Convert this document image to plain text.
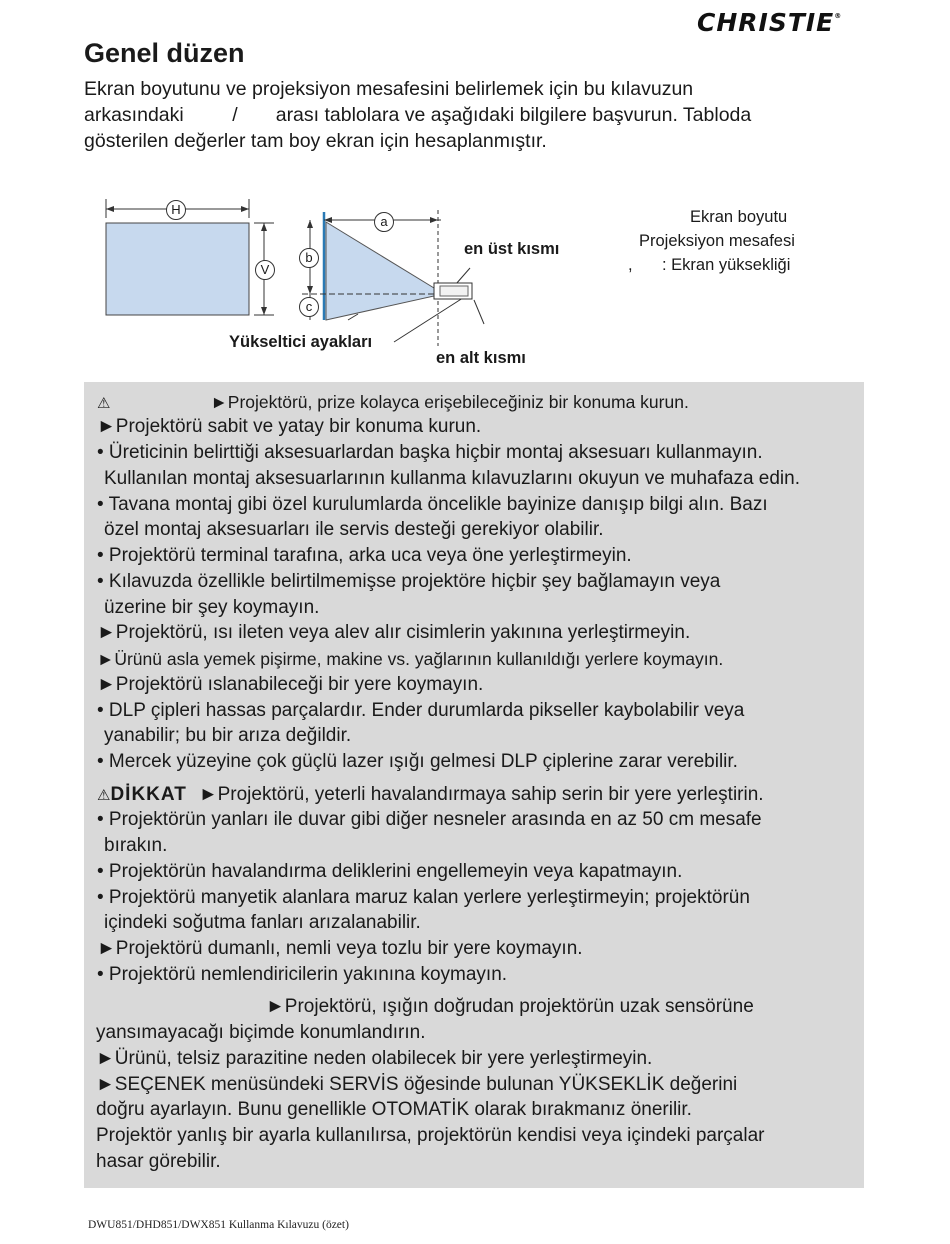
CHRISTIE®
Genel düzen
Ekran boyutunu ve projeksiyon mesafesini belirlemek için bu kılavuzun
arkasındaki / arası tablolara ve aşağıdaki bilgilere başvurun. Tabloda
gösterilen değerler tam boy ekran için hesaplanmıştır.
H
V
a
b
c
en üst kısmı
Yükseltici ayakları
en alt kısmı
Ekran boyutu
Projeksiyon mesafesi
, : Ekran yüksekliği
⚠	►Projektörü, prize kolayca erişebileceğiniz bir konuma kurun.
►Projektörü sabit ve yatay bir konuma kurun.
• Üreticinin belirttiği aksesuarlardan başka hiçbir montaj aksesuarı kullanmayın.
Kullanılan montaj aksesuarlarının kullanma kılavuzlarını okuyun ve muhafaza edin.
• Tavana montaj gibi özel kurulumlarda öncelikle bayinize danışıp bilgi alın. Bazı
özel montaj aksesuarları ile servis desteği gerekiyor olabilir.
• Projektörü terminal tarafına, arka uca veya öne yerleştirmeyin.
• Kılavuzda özellikle belirtilmemişse projektöre hiçbir şey bağlamayın veya
üzerine bir şey koymayın.
►Projektörü, ısı ileten veya alev alır cisimlerin yakınına yerleştirmeyin.
►Ürünü asla yemek pişirme, makine vs. yağlarının kullanıldığı yerlere koymayın.
►Projektörü ıslanabileceği bir yere koymayın.
• DLP çipleri hassas parçalardır. Ender durumlarda pikseller kaybolabilir veya
yanabilir; bu bir arıza değildir.
• Mercek yüzeyine çok güçlü lazer ışığı gelmesi DLP çiplerine zarar verebilir.
⚠DİKKAT ►Projektörü, yeterli havalandırmaya sahip serin bir yere yerleştirin.
• Projektörün yanları ile duvar gibi diğer nesneler arasında en az 50 cm mesafe
bırakın.
• Projektörün havalandırma deliklerini engellemeyin veya kapatmayın.
• Projektörü manyetik alanlara maruz kalan yerlere yerleştirmeyin; projektörün
içindeki soğutma fanları arızalanabilir.
►Projektörü dumanlı, nemli veya tozlu bir yere koymayın.
• Projektörü nemlendiricilerin yakınına koymayın.
►Projektörü, ışığın doğrudan projektörün uzak sensörüne
yansımayacağı biçimde konumlandırın.
►Ürünü, telsiz parazitine neden olabilecek bir yere yerleştirmeyin.
►SEÇENEK menüsündeki SERVİS öğesinde bulunan YÜKSEKLİK değerini
doğru ayarlayın. Bunu genellikle OTOMATİK olarak bırakmanız önerilir.
Projektör yanlış bir ayarla kullanılırsa, projektörün kendisi veya içindeki parçalar
hasar görebilir.
DWU851/DHD851/DWX851 Kullanma Kılavuzu (özet)
